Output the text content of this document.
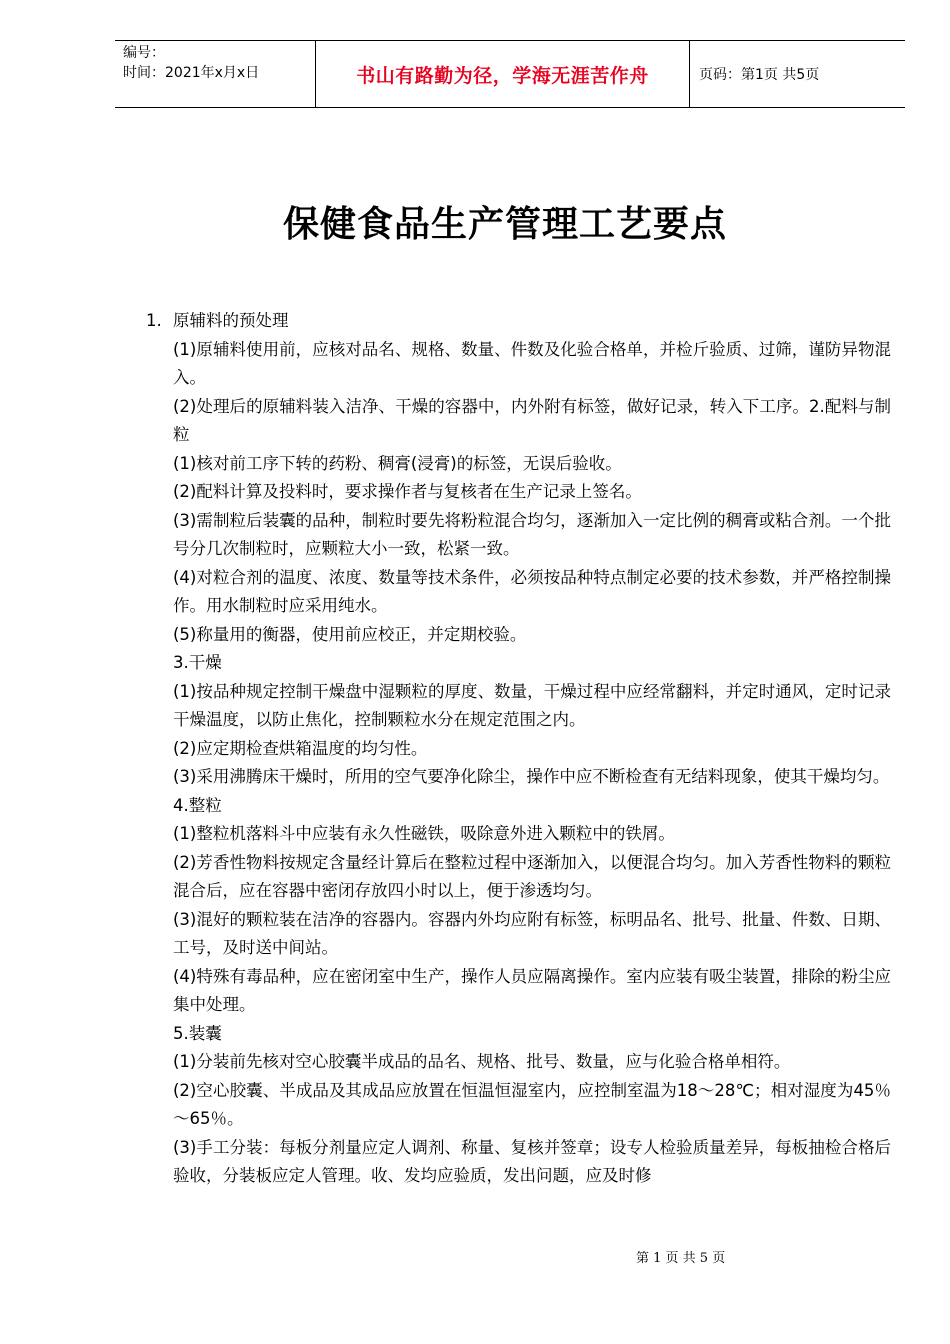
编号：
时间：2021年x月x日	书山有路勤为径，学海无涯苦作舟	页码：第1页 共5页
保健食品生产管理工艺要点
1. 原辅料的预处理
(1)原辅料使用前，应核对品名、规格、数量、件数及化验合格单，并检斤验质、过筛，谨防异物混入。
(2)处理后的原辅料装入洁净、干燥的容器中，内外附有标签，做好记录，转入下工序。2.配料与制粒
(1)核对前工序下转的药粉、稠膏(浸膏)的标签，无误后验收。
(2)配料计算及投料时，要求操作者与复核者在生产记录上签名。
(3)需制粒后装囊的品种，制粒时要先将粉粒混合均匀，逐渐加入一定比例的稠膏或粘合剂。一个批号分几次制粒时，应颗粒大小一致，松紧一致。
(4)对粒合剂的温度、浓度、数量等技术条件，必须按品种特点制定必要的技术参数，并严格控制操作。用水制粒时应采用纯水。
(5)称量用的衡器，使用前应校正，并定期校验。
3.干燥
(1)按品种规定控制干燥盘中湿颗粒的厚度、数量，干燥过程中应经常翻料，并定时通风，定时记录干燥温度，以防止焦化，控制颗粒水分在规定范围之内。
(2)应定期检查烘箱温度的均匀性。
(3)采用沸腾床干燥时，所用的空气要净化除尘，操作中应不断检查有无结料现象，使其干燥均匀。
4.整粒
(1)整粒机落料斗中应装有永久性磁铁，吸除意外进入颗粒中的铁屑。
(2)芳香性物料按规定含量经计算后在整粒过程中逐渐加入，以便混合均匀。加入芳香性物料的颗粒混合后，应在容器中密闭存放四小时以上，便于渗透均匀。
(3)混好的颗粒装在洁净的容器内。容器内外均应附有标签，标明品名、批号、批量、件数、日期、工号，及时送中间站。
(4)特殊有毒品种，应在密闭室中生产，操作人员应隔离操作。室内应装有吸尘装置，排除的粉尘应集中处理。
5.装囊
(1)分装前先核对空心胶囊半成品的品名、规格、批号、数量，应与化验合格单相符。
(2)空心胶囊、半成品及其成品应放置在恒温恒湿室内，应控制室温为18～28℃；相对湿度为45％～65％。
(3)手工分装：每板分剂量应定人调剂、称量、复核并签章；设专人检验质量差异，每板抽检合格后验收，分装板应定人管理。收、发均应验质，发出问题，应及时修
第 1 页 共 5 页
